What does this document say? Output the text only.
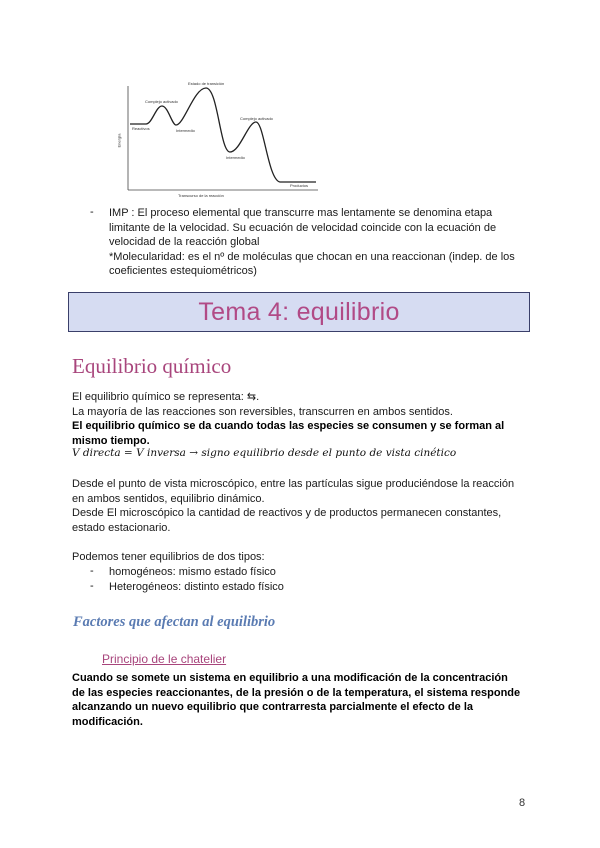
Estado de transición
Complejo activado
Intermedio
Reactivos
Complejo activado
Intermedio
Productos
Energía
Transcurso de la reacción
- IMP : El proceso elemental que transcurre mas lentamente se denomina etapa
limitante de la velocidad. Su ecuación de velocidad coincide con la ecuación de
velocidad de la reacción global
*Molecularidad: es el nº de moléculas que chocan en una reaccionan (indep. de los
coeficientes estequiométricos)
Tema 4: equilibrio
Equilibrio químico
El equilibrio químico se representa: ⇆.
La mayoría de las reacciones son reversibles, transcurren en ambos sentidos.
El equilibrio químico se da cuando todas las especies se consumen y se forman al
mismo tiempo.
V directa = V inversa → signo equilibrio desde el punto de vista cinético
Desde el punto de vista microscópico, entre las partículas sigue produciéndose la reacción
en ambos sentidos, equilibrio dinámico.
Desde El microscópico la cantidad de reactivos y de productos permanecen constantes,
estado estacionario.
Podemos tener equilibrios de dos tipos:
- homogéneos: mismo estado físico
- Heterogéneos: distinto estado físico
Factores que afectan al equilibrio
Principio de le chatelier
Cuando se somete un sistema en equilibrio a una modificación de la concentración
de las especies reaccionantes, de la presión o de la temperatura, el sistema responde
alcanzando un nuevo equilibrio que contrarresta parcialmente el efecto de la
modificación.
8
